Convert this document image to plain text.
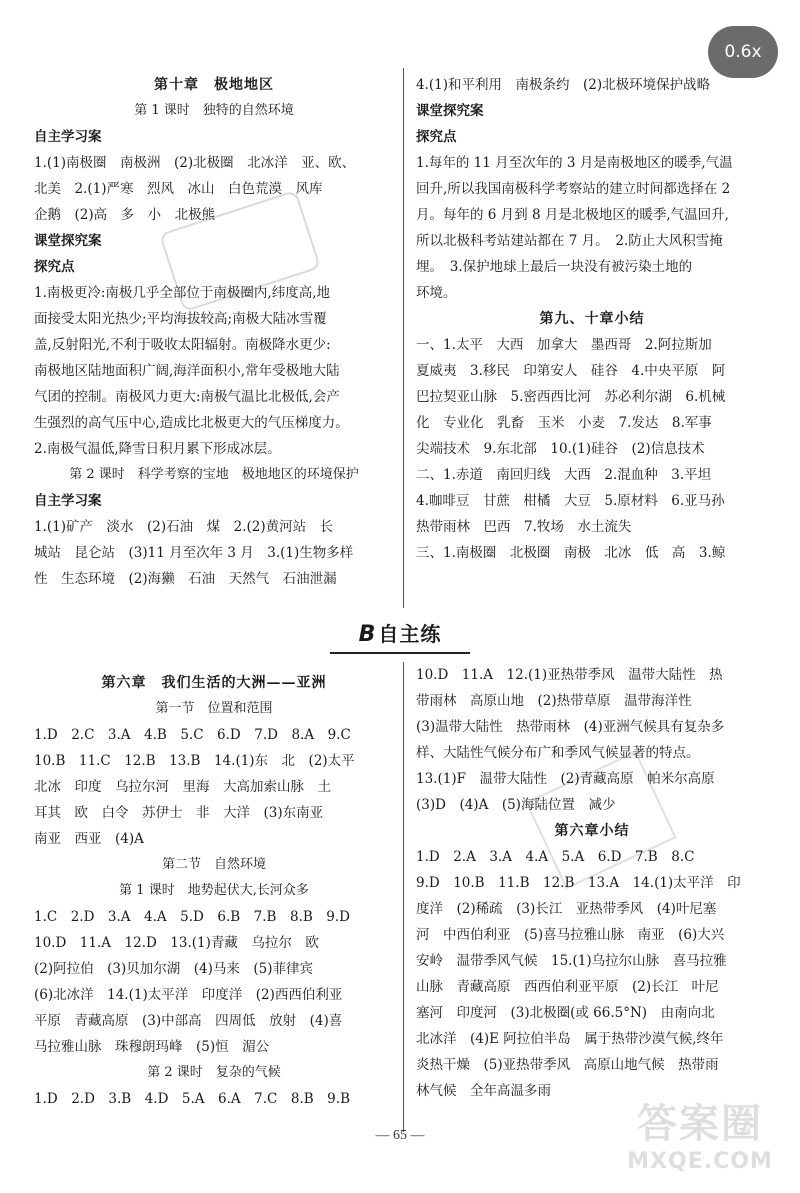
0.6x
第十章　极地地区
第 1 课时　独特的自然环境
自主学习案
1.(1)南极圈　南极洲　(2)北极圈　北冰洋　亚、欧、
北美　2.(1)严寒　烈风　冰山　白色荒漠　风库
企鹅　(2)高　多　小　北极熊
课堂探究案
探究点
1.南极更冷:南极几乎全部位于南极圈内,纬度高,地
面接受太阳光热少;平均海拔较高;南极大陆冰雪覆
盖,反射阳光,不利于吸收太阳辐射。南极降水更少:
南极地区陆地面积广阔,海洋面积小,常年受极地大陆
气团的控制。南极风力更大:南极气温比北极低,会产
生强烈的高气压中心,造成比北极更大的气压梯度力。
2.南极气温低,降雪日积月累下形成冰层。
第 2 课时　科学考察的宝地　极地地区的环境保护
自主学习案
1.(1)矿产　淡水　(2)石油　煤　2.(2)黄河站　长
城站　昆仑站　(3)11 月至次年 3 月　3.(1)生物多样
性　生态环境　(2)海獭　石油　天然气　石油泄漏
4.(1)和平利用　南极条约　(2)北极环境保护战略
课堂探究案
探究点
1.每年的 11 月至次年的 3 月是南极地区的暖季,气温
回升,所以我国南极科学考察站的建立时间都选择在 2
月。每年的 6 月到 8 月是北极地区的暖季,气温回升,
所以北极科考站建站都在 7 月。　2.防止大风积雪掩
埋。　3.保护地球上最后一块没有被污染土地的
环境。
第九、十章小结
一、1.太平　大西　加拿大　墨西哥　2.阿拉斯加
夏威夷　3.移民　印第安人　硅谷　4.中央平原　阿
巴拉契亚山脉　5.密西西比河　苏必利尔湖　6.机械
化　专业化　乳畜　玉米　小麦　7.发达　8.军事
尖端技术　9.东北部　10.(1)硅谷　(2)信息技术
二、1.赤道　南回归线　大西　2.混血种　3.平坦
4.咖啡豆　甘蔗　柑橘　大豆　5.原材料　6.亚马孙
热带雨林　巴西　7.牧场　水土流失
三、1.南极圈　北极圈　南极　北冰　低　高　3.鲸
B 自主练
第六章　我们生活的大洲——亚洲
第一节　位置和范围
1.D　2.C　3.A　4.B　5.C　6.D　7.D　8.A　9.C
10.B　11.C　12.B　13.B　14.(1)东　北　(2)太平
北冰　印度　乌拉尔河　里海　大高加索山脉　土
耳其　欧　白令　苏伊士　非　大洋　(3)东南亚
南亚　西亚　(4)A
第二节　自然环境
第 1 课时　地势起伏大,长河众多
1.C　2.D　3.A　4.A　5.D　6.B　7.B　8.B　9.D
10.D　11.A　12.D　13.(1)青藏　乌拉尔　欧
(2)阿拉伯　(3)贝加尔湖　(4)马来　(5)菲律宾
(6)北冰洋　14.(1)太平洋　印度洋　(2)西西伯利亚
平原　青藏高原　(3)中部高　四周低　放射　(4)喜
马拉雅山脉　珠穆朗玛峰　(5)恒　湄公
第 2 课时　复杂的气候
1.D　2.D　3.B　4.D　5.A　6.A　7.C　8.B　9.B
10.D　11.A　12.(1)亚热带季风　温带大陆性　热
带雨林　高原山地　(2)热带草原　温带海洋性
(3)温带大陆性　热带雨林　(4)亚洲气候具有复杂多
样、大陆性气候分布广和季风气候显著的特点。
13.(1)F　温带大陆性　(2)青藏高原　帕米尔高原
(3)D　(4)A　(5)海陆位置　减少
第六章小结
1.D　2.A　3.A　4.A　5.A　6.D　7.B　8.C
9.D　10.B　11.B　12.B　13.A　14.(1)太平洋　印
度洋　(2)稀疏　(3)长江　亚热带季风　(4)叶尼塞
河　中西伯利亚　(5)喜马拉雅山脉　南亚　(6)大兴
安岭　温带季风气候　15.(1)乌拉尔山脉　喜马拉雅
山脉　青藏高原　西西伯利亚平原　(2)长江　叶尼
塞河　印度河　(3)北极圈(或 66.5°N)　由南向北
北冰洋　(4)E 阿拉伯半岛　属于热带沙漠气候,终年
炎热干燥　(5)亚热带季风　高原山地气候　热带雨
林气候　全年高温多雨
— 65 —	答案圈
MXQE.COM
